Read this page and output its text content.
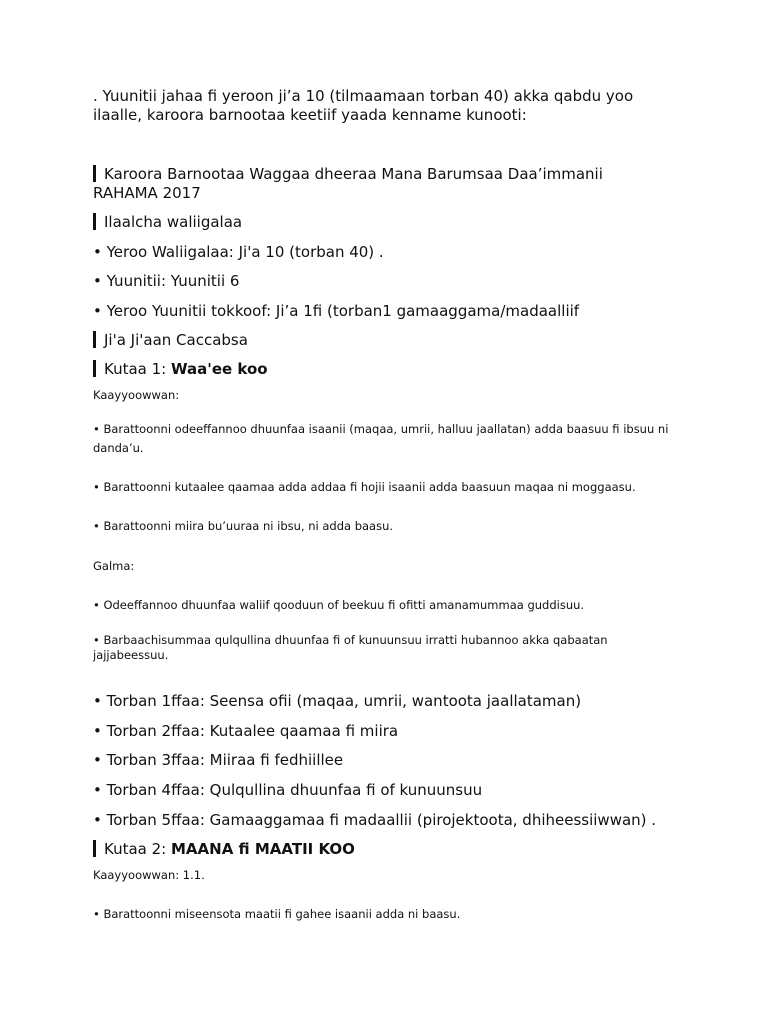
. Yuunitii jahaa fi yeroon ji’a 10 (tilmaamaan torban 40) akka qabdu yoo
ilaalle, karoora barnootaa keetiif yaada kenname kunooti:
Karoora Barnootaa Waggaa dheeraa Mana Barumsaa Daa’immanii
RAHAMA 2017
Ilaalcha waliigalaa
• Yeroo Waliigalaa: Ji'a 10 (torban 40) .
• Yuunitii: Yuunitii 6
• Yeroo Yuunitii tokkoof: Ji’a 1fi (torban1 gamaaggama/madaalliif
Ji'a Ji'aan Caccabsa
Kutaa 1: Waa'ee koo
Kaayyoowwan:
• Barattoonni odeeffannoo dhuunfaa isaanii (maqaa, umrii, halluu jaallatan) adda baasuu fi ibsuu ni
danda’u.
• Barattoonni kutaalee qaamaa adda addaa fi hojii isaanii adda baasuun maqaa ni moggaasu.
• Barattoonni miira bu’uuraa ni ibsu, ni adda baasu.
Galma:
• Odeeffannoo dhuunfaa waliif qooduun of beekuu fi ofitti amanamummaa guddisuu.
• Barbaachisummaa qulqullina dhuunfaa fi of kunuunsuu irratti hubannoo akka qabaatan
jajjabeessuu.
• Torban 1ffaa: Seensa ofii (maqaa, umrii, wantoota jaallataman)
• Torban 2ffaa: Kutaalee qaamaa fi miira
• Torban 3ffaa: Miiraa fi fedhiillee
• Torban 4ffaa: Qulqullina dhuunfaa fi of kunuunsuu
• Torban 5ffaa: Gamaaggamaa fi madaallii (pirojektoota, dhiheessiiwwan) .
Kutaa 2: MAANA fi MAATII KOO
Kaayyoowwan: 1.1.
• Barattoonni miseensota maatii fi gahee isaanii adda ni baasu.
